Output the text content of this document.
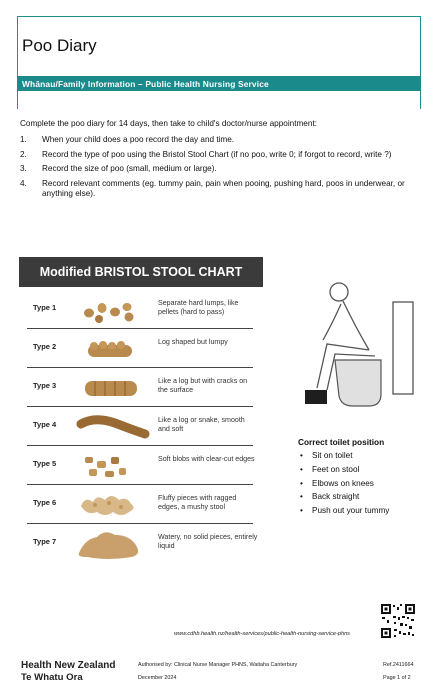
Poo Diary
Whānau/Family Information – Public Health Nursing Service
Complete the poo diary for 14 days, then take to child's doctor/nurse appointment:
1. When your child does a poo record the day and time.
2. Record the type of poo using the Bristol Stool Chart (if no poo, write 0; if forgot to record, write ?)
3. Record the size of poo (small, medium or large).
4. Record relevant comments (eg. tummy pain, pain when pooing, pushing hard, poos in underwear, or anything else).
Modified BRISTOL STOOL CHART
Type 1	Separate hard lumps, like pellets (hard to pass)
Type 2	Log shaped but lumpy
Type 3	Like a log but with cracks on the surface
Type 4	Like a log or snake, smooth and soft
Type 5	Soft blobs with clear-cut edges
Type 6	Fluffy pieces with ragged edges, a mushy stool
Type 7	Watery, no solid pieces, entirely liquid
Correct toilet position
• Sit on toilet
• Feet on stool
• Elbows on knees
• Back straight
• Push out your tummy
www.cdhb.health.nz/health-services/public-health-nursing-service-phns
Health New Zealand
Te Whatu Ora
Authorised by: Clinical Nurse Manager PHNS, Waitaha Canterbury
December 2024
Ref.2411664
Page 1 of 2
